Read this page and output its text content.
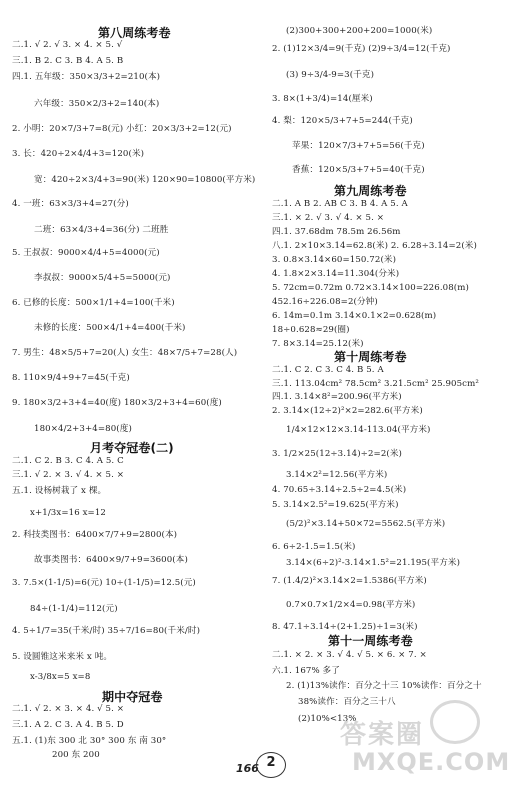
第八周练考卷
二.1. √ 2. √ 3. × 4. × 5. √
三.1. B 2. C 3. B 4. A 5. B
四.1. 五年级：350×3/3+2=210(本)
六年级：350×2/3+2=140(本)
2. 小明：20×7/3+7=8(元) 小红：20×3/3+2=12(元)
3. 长：420÷2×4/4+3=120(米)
宽：420÷2×3/4+3=90(米) 120×90=10800(平方米)
4. 一班：63×3/3+4=27(分)
二班：63×4/3+4=36(分) 二班胜
5. 王叔叔：9000×4/4+5=4000(元)
李叔叔：9000×5/4+5=5000(元)
6. 已修的长度：500×1/1+4=100(千米)
未修的长度：500×4/1+4=400(千米)
7. 男生：48×5/5+7=20(人) 女生：48×7/5+7=28(人)
8. 110×9/4+9+7=45(千克)
9. 180×3/2+3+4=40(度) 180×3/2+3+4=60(度)
180×4/2+3+4=80(度)
月考夺冠卷(二)
二.1. C 2. B 3. C 4. A 5. C
三.1. √ 2. × 3. √ 4. × 5. ×
五.1. 设杨树栽了 x 棵。
x+1/3x=16 x=12
2. 科技类图书：6400×7/7+9=2800(本)
故事类图书：6400×9/7+9=3600(本)
3. 7.5×(1-1/5)=6(元) 10÷(1-1/5)=12.5(元)
84÷(1-1/4)=112(元)
4. 5÷1/7=35(千米/时) 35÷7/16=80(千米/时)
5. 设圆锥这米来米 x 吨。
x-3/8x=5 x=8
期中夺冠卷
二.1. √ 2. × 3. × 4. √ 5. ×
三.1. A 2. C 3. A 4. B 5. D
五.1. (1)东 300 北 30° 300 东 南 30°
200 东 200
(2)300+300+200+200=1000(米)
2. (1)12×3/4=9(千克) (2)9÷3/4=12(千克)
(3) 9÷3/4-9=3(千克)
3. 8×(1+3/4)=14(厘米)
4. 梨：120×5/3+7+5=244(千克)
苹果：120×7/3+7+5=56(千克)
香蕉：120×5/3+7+5=40(千克)
第九周练考卷
二.1. A B 2. AB C 3. B 4. A 5. A
三.1. × 2. √ 3. √ 4. × 5. ×
四.1. 37.68dm 78.5m 26.56m
八.1. 2×10×3.14=62.8(米) 2. 6.28÷3.14=2(米)
3. 0.8×3.14×60=150.72(米)
4. 1.8×2×3.14=11.304(分米)
5. 72cm=0.72m 0.72×3.14×100=226.08(m)
452.16÷226.08=2(分钟)
6. 14m=0.1m 3.14×0.1×2=0.628(m)
18÷0.628≈29(圈)
7. 8×3.14=25.12(米)
第十周练考卷
二.1. C 2. C 3. C 4. B 5. A
三.1. 113.04cm² 78.5cm² 3.21.5cm² 25.905cm²
四.1. 3.14×8²=200.96(平方米)
2. 3.14×(12÷2)²×2=282.6(平方米)
1/4×12×12×3.14-113.04(平方米)
3. 1/2×25(12÷3.14)÷2=2(米)
3.14×2²=12.56(平方米)
4. 70.65÷3.14÷2.5÷2=4.5(米)
5. 3.14×2.5²=19.625(平方米)
(5/2)²×3.14+50×72=5562.5(平方米)
6. 6÷2-1.5=1.5(米)
3.14×(6÷2)²-3.14×1.5²=21.195(平方米)
7. (1.4/2)²×3.14×2=1.5386(平方米)
0.7×0.7×1/2×4=0.98(平方米)
8. 47.1÷3.14÷(2+1.25)÷1=3(米)
第十一周练考卷
二.1. × 2. × 3. √ 4. √ 5. × 6. × 7. ×
六.1. 167% 多了
2. (1)13%读作：百分之十三 10%读作：百分之十
38%读作：百分之三十八
(2)10%<13%
166 2
答案圈
MXQE.COM
